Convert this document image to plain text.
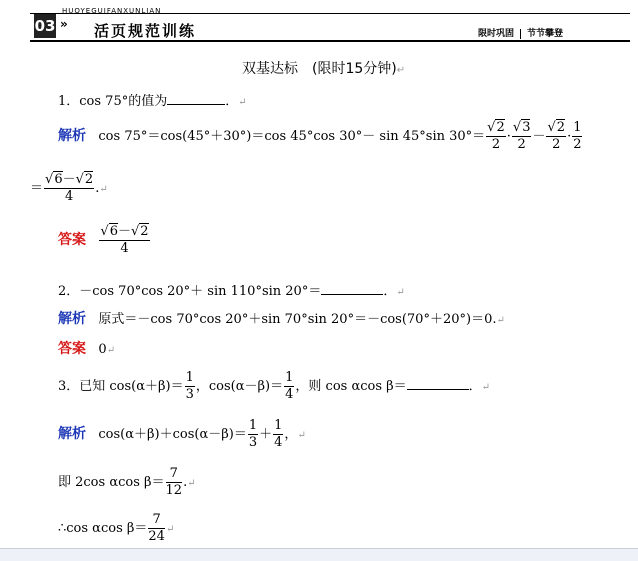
03
HUOYEGUIFANXUNLIAN
» 活页规范训练	限时巩固 节节攀登
双基达标　(限时15分钟)↵
1．cos 75°的值为	．↵
解析 cos 75°＝cos(45°＋30°)＝cos 45°cos 30°－ sin 45°sin $30^\circ= \frac{√2}{2} \cdot \frac{√3}{2} - \frac{√2}{2} \cdot \frac{1}{2}$
＝ $\frac{√6-√2}{4}$ .↵
答案 $\frac{√6-√2}{4}$
2．－cos 70°cos 20°＋ sin 110°sin 20°＝	．↵
解析 原式＝－cos 70°cos 20°＋sin 70°sin 20°＝－cos(70°＋20°)＝0.↵
答案 0↵
3．已知 $\cos(\alpha+\beta)= \frac{1}{3}$ ，$\cos(\alpha-\beta)= \frac{1}{4}$ ，则 cos αcos β＝	．↵
解析 $\cos(\alpha+\beta)+\cos(\alpha-\beta)= \frac{1}{3} + \frac{1}{4}$ ，↵
即 2cos αcos $\beta= \frac{7}{12}$ .↵
∴cos αcos $\beta= \frac{7}{24}$ ↵
